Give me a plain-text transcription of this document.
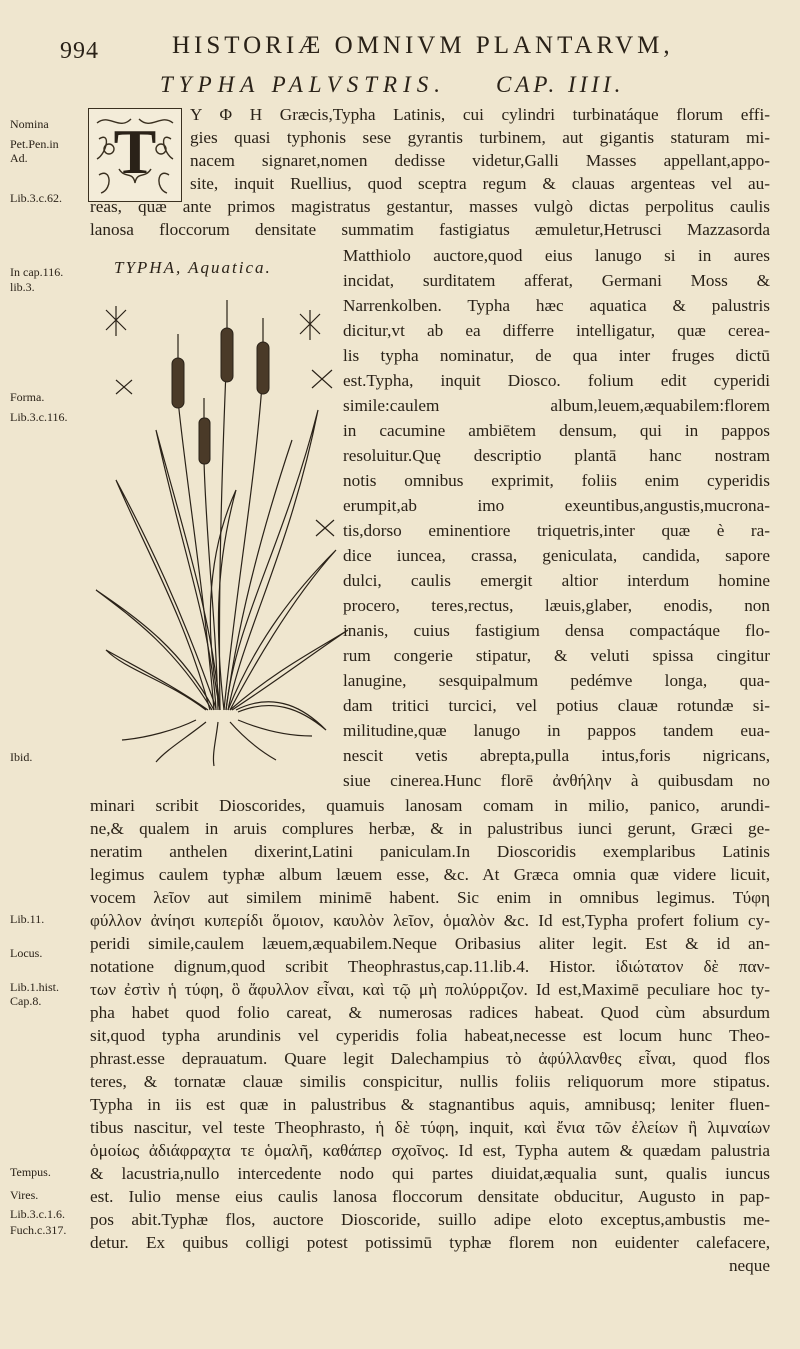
994	HISTORIÆ OMNIVM PLANTARVM,
TYPHA PALVSTRIS. CAP. IIII.
Nomina
Pet.Pen.in
Ad.
Lib.3.c.62.
In cap.116.
lib.3.
Forma.
Lib.3.c.116.
Ibid.
Lib.11.
Locus.
Lib.1.hist.
Cap.8.
Tempus.
Vires.
Lib.3.c.1.6.
Fuch.c.317.
T
TYPHA, Aquatica.
Y Φ H Græcis,Typha Latinis, cui cylindri turbinatáque florum effi-
gies quasi typhonis sese gyrantis turbinem, aut gigantis staturam mi-
nacem signaret,nomen dedisse videtur,Galli Masses appellant,appo-
site, inquit Ruellius, quod sceptra regum & clauas argenteas vel au-
reas, quæ ante primos magistratus gestantur, masses vulgò dictas perpolitus caulis
lanosa floccorum densitate summatim fastigiatus æmuletur,Hetrusci Mazzasorda
Matthiolo auctore,quod eius lanugo si in aures
incidat, surditatem afferat, Germani Moss &
Narrenkolben. Typha hæc aquatica & palustris
dicitur,vt ab ea differre intelligatur, quæ cerea-
lis typha nominatur, de qua inter fruges dictū
est.Typha, inquit Diosco. folium edit cyperidi
simile:caulem album,leuem,æquabilem:florem
in cacumine ambiētem densum, qui in pappos
resoluitur.Quę descriptio plantā hanc nostram
notis omnibus exprimit, foliis enim cyperidis
erumpit,ab imo exeuntibus,angustis,mucrona-
tis,dorso eminentiore triquetris,inter quæ è ra-
dice iuncea, crassa, geniculata, candida, sapore
dulci, caulis emergit altior interdum homine
procero, teres,rectus, læuis,glaber, enodis, non
inanis, cuius fastigium densa compactáque flo-
rum congerie stipatur, & veluti spissa cingitur
lanugine, sesquipalmum pedémve longa, qua-
dam tritici turcici, vel potius clauæ rotundæ si-
militudine,quæ lanugo in pappos tandem eua-
nescit vetis abrepta,pulla intus,foris nigricans,
siue cinerea.Hunc florē ἀνθήλην à quibusdam no
minari scribit Dioscorides, quamuis lanosam comam in milio, panico, arundi-
ne,& qualem in aruis complures herbæ, & in palustribus iunci gerunt, Græci ge-
neratim anthelen dixerint,Latini paniculam.In Dioscoridis exemplaribus Latinis
legimus caulem typhæ album læuem esse, &c. At Græca omnia quæ videre licuit,
vocem λεῖον aut similem minimē habent. Sic enim in omnibus legimus. Τύφη
φύλλον ἀνίησι κυπερίδι ὅμοιον, καυλὸν λεῖον, ὁμαλὸν &c. Id est,Typha profert folium cy-
peridi simile,caulem læuem,æquabilem.Neque Oribasius aliter legit. Est & id an-
notatione dignum,quod scribit Theophrastus,cap.11.lib.4. Histor. ἰδιώτατον δὲ παν-
των ἐστὶν ἡ τύφη, ὃ ἄφυλλον εἶναι, καὶ τῷ μὴ πολύρριζον. Id est,Maximē peculiare hoc ty-
pha habet quod folio careat, & numerosas radices habeat. Quod cùm absurdum
sit,quod typha arundinis vel cyperidis folia habeat,necesse est locum hunc Theo-
phrast.esse deprauatum. Quare legit Dalechampius τὸ ἀφύλλανθες εἶναι, quod flos
teres, & tornatæ clauæ similis conspicitur, nullis foliis reliquorum more stipatus.
Typha in iis est quæ in palustribus & stagnantibus aquis, amnibusq; leniter fluen-
tibus nascitur, vel teste Theophrasto, ἡ δὲ τύφη, inquit, καὶ ἔνια τῶν ἐλείων ἢ λιμναίων
ὁμοίως ἀδιάφραχτα τε ὁμαλῆ, καθάπερ σχοῖνος. Id est, Typha autem & quædam palustria
& lacustria,nullo intercedente nodo qui partes diuidat,æqualia sunt, qualis iuncus
est. Iulio mense eius caulis lanosa floccorum densitate obducitur, Augusto in pap-
pos abit.Typhæ flos, auctore Dioscoride, suillo adipe eloto exceptus,ambustis me-
detur. Ex quibus colligi potest potissimū typhæ florem non euidenter calefacere,
neque
